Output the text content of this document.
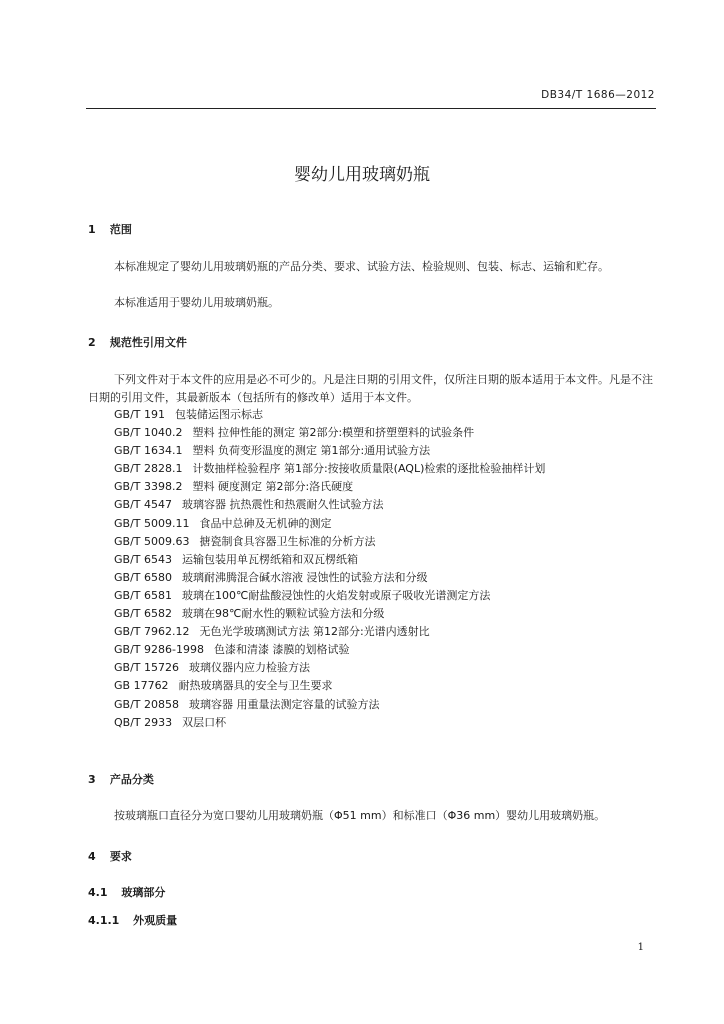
DB34/T 1686—2012
婴幼儿用玻璃奶瓶
1 范围
本标准规定了婴幼儿用玻璃奶瓶的产品分类、要求、试验方法、检验规则、包装、标志、运输和贮存。
本标准适用于婴幼儿用玻璃奶瓶。
2 规范性引用文件
下列文件对于本文件的应用是必不可少的。凡是注日期的引用文件，仅所注日期的版本适用于本文件。凡是不注日期的引用文件，其最新版本（包括所有的修改单）适用于本文件。
GB/T 191 包装储运图示标志
GB/T 1040.2 塑料 拉伸性能的测定 第2部分:模塑和挤塑塑料的试验条件
GB/T 1634.1 塑料 负荷变形温度的测定 第1部分:通用试验方法
GB/T 2828.1 计数抽样检验程序 第1部分:按接收质量限(AQL)检索的逐批检验抽样计划
GB/T 3398.2 塑料 硬度测定 第2部分:洛氏硬度
GB/T 4547 玻璃容器 抗热震性和热震耐久性试验方法
GB/T 5009.11 食品中总砷及无机砷的测定
GB/T 5009.63 搪瓷制食具容器卫生标准的分析方法
GB/T 6543 运输包装用单瓦楞纸箱和双瓦楞纸箱
GB/T 6580 玻璃耐沸腾混合碱水溶液 浸蚀性的试验方法和分级
GB/T 6581 玻璃在100℃耐盐酸浸蚀性的火焰发射或原子吸收光谱测定方法
GB/T 6582 玻璃在98℃耐水性的颗粒试验方法和分级
GB/T 7962.12 无色光学玻璃测试方法 第12部分:光谱内透射比
GB/T 9286-1998 色漆和清漆 漆膜的划格试验
GB/T 15726 玻璃仪器内应力检验方法
GB 17762 耐热玻璃器具的安全与卫生要求
GB/T 20858 玻璃容器 用重量法测定容量的试验方法
QB/T 2933 双层口杯
3 产品分类
按玻璃瓶口直径分为宽口婴幼儿用玻璃奶瓶（Φ51 mm）和标准口（Φ36 mm）婴幼儿用玻璃奶瓶。
4 要求
4.1 玻璃部分
4.1.1 外观质量
1
